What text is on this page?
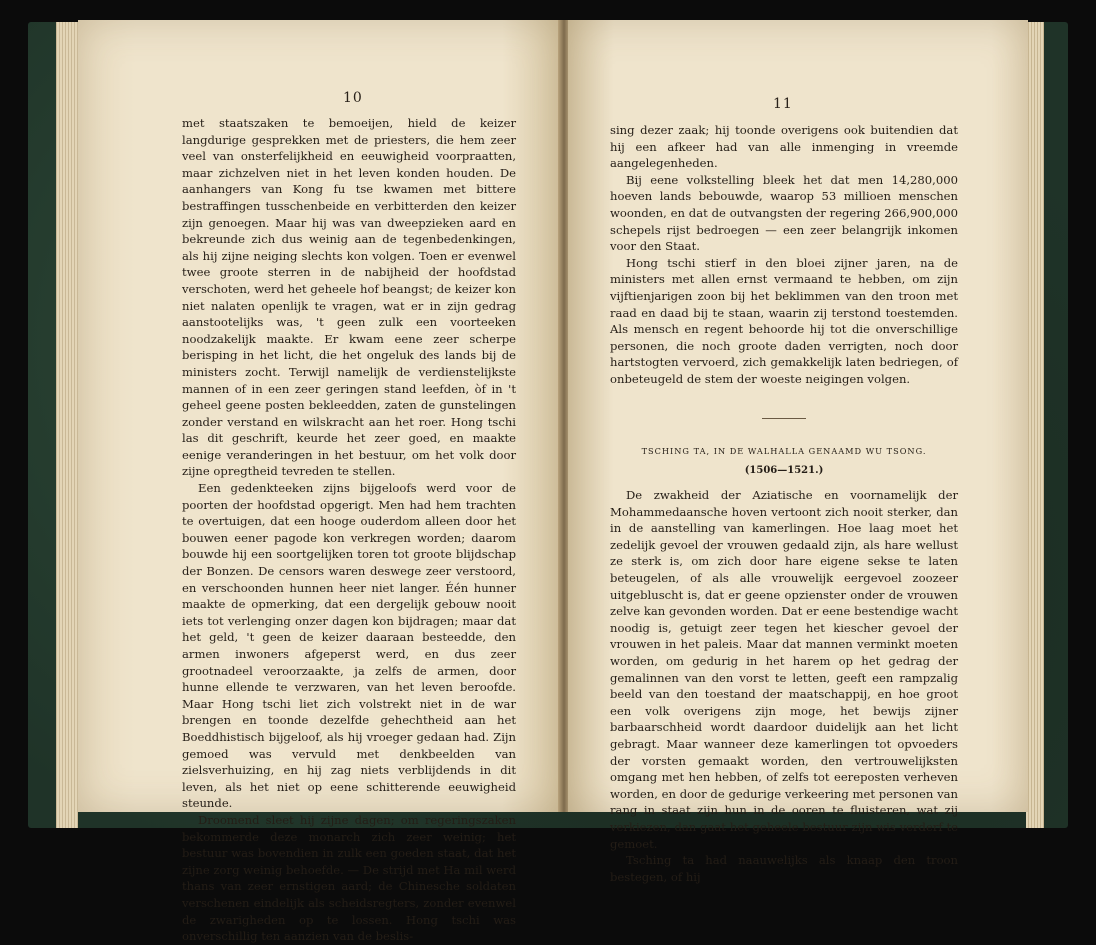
10

met staatszaken te bemoeijen, hield de keizer langdurige gesprekken met de priesters, die hem zeer veel van onsterfelijkheid en eeuwigheid voorpraatten, maar zichzelven niet in het leven konden houden. De aanhangers van Kong fu tse kwamen met bittere bestraffingen tusschenbeide en verbitterden den keizer zijn genoegen. Maar hij was van dweepzieken aard en bekreunde zich dus weinig aan de tegenbedenkingen, als hij zijne neiging slechts kon volgen. Toen er evenwel twee groote sterren in de nabijheid der hoofdstad verschoten, werd het geheele hof beangst; de keizer kon niet nalaten openlijk te vragen, wat er in zijn gedrag aanstootelijks was, 't geen zulk een voorteeken noodzakelijk maakte. Er kwam eene zeer scherpe berisping in het licht, die het ongeluk des lands bij de ministers zocht. Terwijl namelijk de verdienstelijkste mannen of in een zeer geringen stand leefden, òf in 't geheel geene posten bekleedden, zaten de gunstelingen zonder verstand en wilskracht aan het roer. Hong tschi las dit geschrift, keurde het zeer goed, en maakte eenige veranderingen in het bestuur, om het volk door zijne opregtheid tevreden te stellen.

Een gedenkteeken zijns bijgeloofs werd voor de poorten der hoofdstad opgerigt. Men had hem trachten te overtuigen, dat een hooge ouderdom alleen door het bouwen eener pagode kon verkregen worden; daarom bouwde hij een soortgelijken toren tot groote blijdschap der Bonzen. De censors waren deswege zeer verstoord, en verschoonden hunnen heer niet langer. Één hunner maakte de opmerking, dat een dergelijk gebouw nooit iets tot verlenging onzer dagen kon bijdragen; maar dat het geld, 't geen de keizer daaraan besteedde, den armen inwoners afgeperst werd, en dus zeer grootnadeel veroorzaakte, ja zelfs de armen, door hunne ellende te verzwaren, van het leven beroofde. Maar Hong tschi liet zich volstrekt niet in de war brengen en toonde dezelfde gehechtheid aan het Boeddhistisch bijgeloof, als hij vroeger gedaan had. Zijn gemoed was vervuld met denkbeelden van zielsverhuizing, en hij zag niets verblijdends in dit leven, als het niet op eene schitterende eeuwigheid steunde.

Droomend sleet hij zijne dagen; om regeringszaken bekommerde deze monarch zich zeer weinig; het bestuur was bovendien in zulk een goeden staat, dat het zijne zorg weinig behoefde. — De strijd met Ha mil werd thans van zeer ernstigen aard; de Chinesche soldaten verschenen eindelijk als scheidsregters, zonder evenwel de zwarigheden op te lossen. Hong tschi was onverschillig ten aanzien van de beslis-

11

sing dezer zaak; hij toonde overigens ook buitendien dat hij een afkeer had van alle inmenging in vreemde aangelegenheden.

Bij eene volkstelling bleek het dat men 14,280,000 hoeven lands bebouwde, waarop 53 millioen menschen woonden, en dat de outvangsten der regering 266,900,000 schepels rijst bedroegen — een zeer belangrijk inkomen voor den Staat.

Hong tschi stierf in den bloei zijner jaren, na de ministers met allen ernst vermaand te hebben, om zijn vijftienjarigen zoon bij het beklimmen van den troon met raad en daad bij te staan, waarin zij terstond toestemden. Als mensch en regent behoorde hij tot die onverschillige personen, die noch groote daden verrigten, noch door hartstogten vervoerd, zich gemakkelijk laten bedriegen, of onbeteugeld de stem der woeste neigingen volgen.

TSCHING TA, IN DE WALHALLA GENAAMD WU TSONG.
(1506—1521.)

De zwakheid der Aziatische en voornamelijk der Mohammedaansche hoven vertoont zich nooit sterker, dan in de aanstelling van kamerlingen. Hoe laag moet het zedelijk gevoel der vrouwen gedaald zijn, als hare wellust ze sterk is, om zich door hare eigene sekse te laten beteugelen, of als alle vrouwelijk eergevoel zoozeer uitgebluscht is, dat er geene opzienster onder de vrouwen zelve kan gevonden worden. Dat er eene bestendige wacht noodig is, getuigt zeer tegen het kiescher gevoel der vrouwen in het paleis. Maar dat mannen verminkt moeten worden, om gedurig in het harem op het gedrag der gemalinnen van den vorst te letten, geeft een rampzalig beeld van den toestand der maatschappij, en hoe groot een volk overigens zijn moge, het bewijs zijner barbaarschheid wordt daardoor duidelijk aan het licht gebragt. Maar wanneer deze kamerlingen tot opvoeders der vorsten gemaakt worden, den vertrouwelijksten omgang met hen hebben, of zelfs tot eereposten verheven worden, en door de gedurige verkeering met personen van rang in staat zijn hun in de ooren te fluisteren, wat zij verkiezen, dan gaat het geheele bestuur zijn wis verderf te gemoet.

Tsching ta had naauwelijks als knaap den troon bestegen, of hij
